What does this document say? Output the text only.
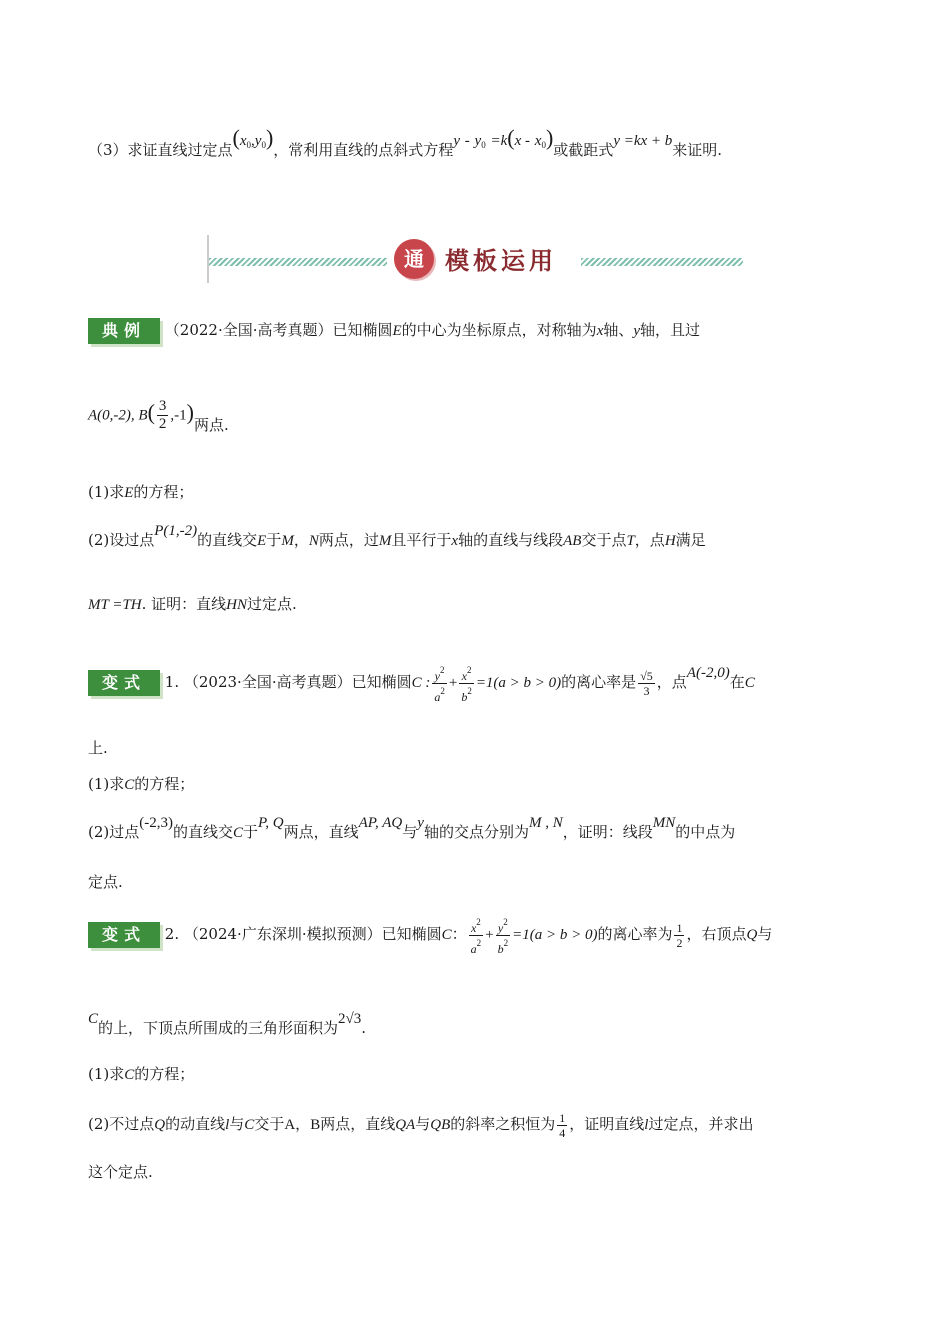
（3）求证直线过定点$(x_0,y_0)$，常利用直线的点斜式方程$y - y_0 =k(x - x_0)$或截距式y =kx + b来证明.
通 模板运用
典例 （2022·全国·高考真题）已知椭圆E的中心为坐标原点，对称轴为x轴、y轴，且过
A(0,-2), $B( \frac{3}{2} ,-1)$两点.
(1)求E的方程；
(2)设过点P(1,-2)的直线交E于M，N两点，过M且平行于x轴的直线与线段AB交于点T，点H满足
MT =TH. 证明：直线HN过定点.
变式 1. （2023·全国·高考真题）已知椭圆C : $\frac{y^2}{a^2} + \frac{x^2}{b^2} =1(a > b > 0)$的离心率是 $\frac{√5}{3}$ ，点A(-2,0)在C
上.
(1)求C的方程；
(2)过点(-2,3)的直线交C于P, Q两点，直线AP, AQ与y轴的交点分别为M , N，证明：线段MN的中点为
定点.
变式 2. （2024·广东深圳·模拟预测）已知椭圆C： $\frac{x^2}{a^2} + \frac{y^2}{b^2} =1(a > b > 0)$的离心率为 $\frac{1}{2}$ ，右顶点Q与
C的上，下顶点所围成的三角形面积为2√3.
(1)求C的方程；
(2)不过点Q的动直线l与C交于A，B两点，直线QA与QB的斜率之积恒为 $\frac{1}{4}$ ，证明直线l过定点，并求出
这个定点.
